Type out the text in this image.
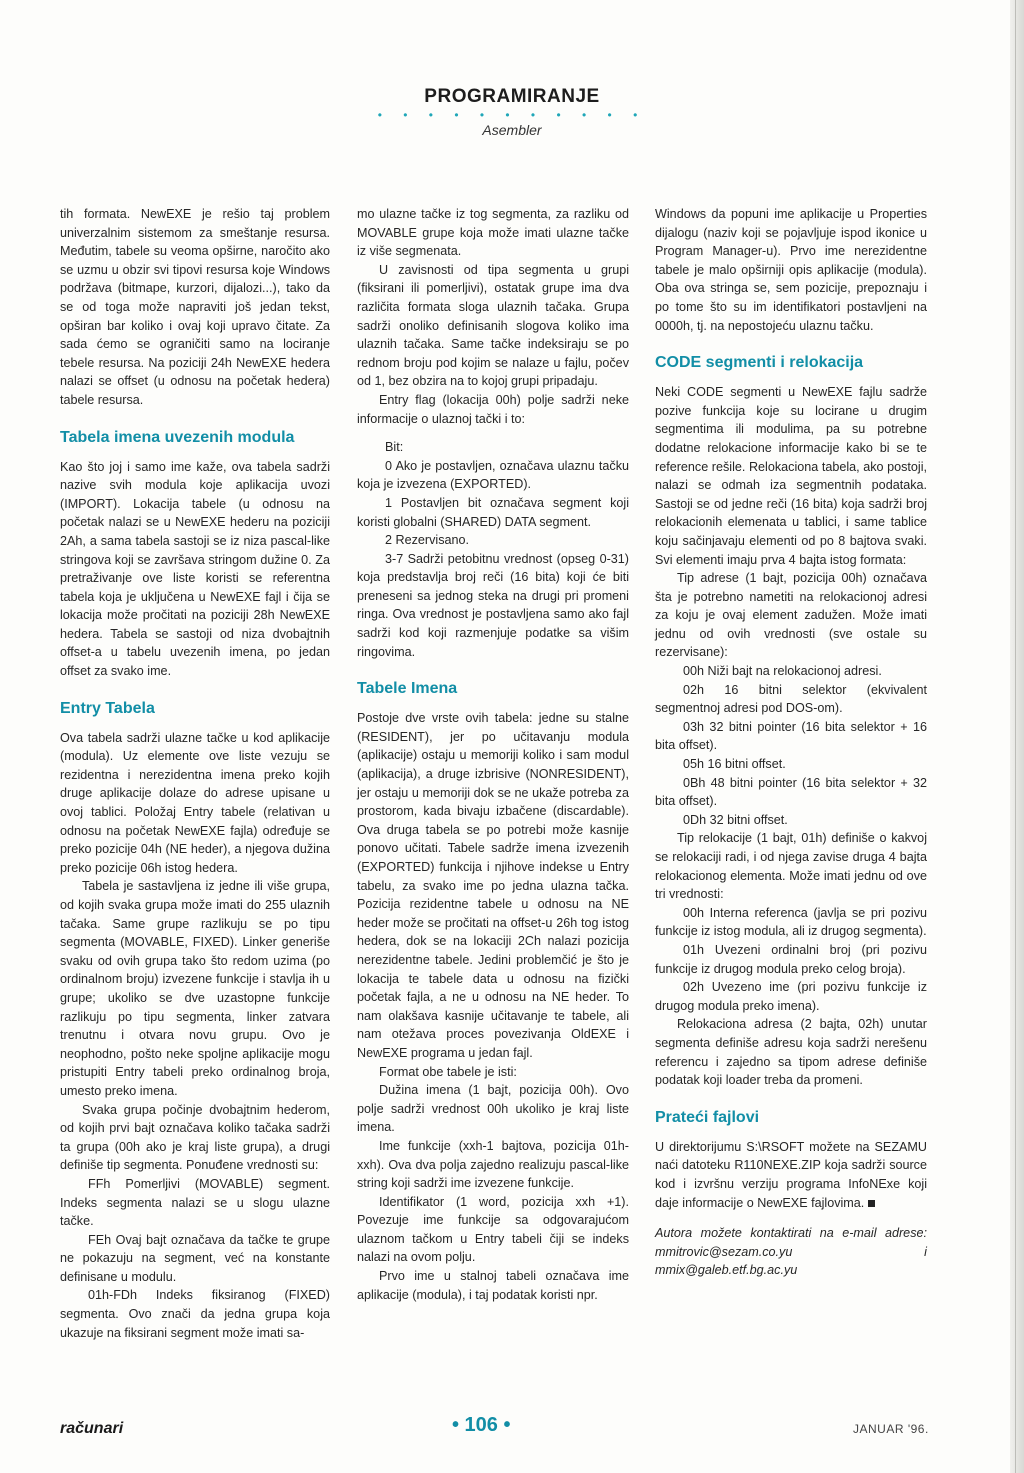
PROGRAMIRANJE
• • • • • • • • • • •
Asembler

tih formata. NewEXE je rešio taj problem univerzalnim sistemom za smeštanje resursa. Međutim, tabele su veoma opširne, naročito ako se uzmu u obzir svi tipovi resursa koje Windows podržava (bitmape, kurzori, dijalozi...), tako da se od toga može napraviti još jedan tekst, opširan bar koliko i ovaj koji upravo čitate. Za sada ćemo se ograničiti samo na lociranje tebele resursa. Na poziciji 24h NewEXE hedera nalazi se offset (u odnosu na početak hedera) tabele resursa.

Tabela imena uvezenih modula

Kao što joj i samo ime kaže, ova tabela sadrži nazive svih modula koje aplikacija uvozi (IMPORT). Lokacija tabele (u odnosu na početak nalazi se u NewEXE hederu na poziciji 2Ah, a sama tabela sastoji se iz niza pascal-like stringova koji se završava stringom dužine 0. Za pretraživanje ove liste koristi se referentna tabela koja je uključena u NewEXE fajl i čija se lokacija može pročitati na poziciji 28h NewEXE hedera. Tabela se sastoji od niza dvobajtnih offset-a u tabelu uvezenih imena, po jedan offset za svako ime.

Entry Tabela

Ova tabela sadrži ulazne tačke u kod aplikacije (modula). Uz elemente ove liste vezuju se rezidentna i nerezidentna imena preko kojih druge aplikacije dolaze do adrese upisane u ovoj tablici. Položaj Entry tabele (relativan u odnosu na početak NewEXE fajla) određuje se preko pozicije 04h (NE heder), a njegova dužina preko pozicije 06h istog hedera.

Tabela je sastavljena iz jedne ili više grupa, od kojih svaka grupa može imati do 255 ulaznih tačaka. Same grupe razlikuju se po tipu segmenta (MOVABLE, FIXED). Linker generiše svaku od ovih grupa tako što redom uzima (po ordinalnom broju) izvezene funkcije i stavlja ih u grupe; ukoliko se dve uzastopne funkcije razlikuju po tipu segmenta, linker zatvara trenutnu i otvara novu grupu. Ovo je neophodno, pošto neke spoljne aplikacije mogu pristupiti Entry tabeli preko ordinalnog broja, umesto preko imena.

Svaka grupa počinje dvobajtnim hederom, od kojih prvi bajt označava koliko tačaka sadrži ta grupa (00h ako je kraj liste grupa), a drugi definiše tip segmenta. Ponuđene vrednosti su:

FFh Pomerljivi (MOVABLE) segment. Indeks segmenta nalazi se u slogu ulazne tačke.

FEh Ovaj bajt označava da tačke te grupe ne pokazuju na segment, već na konstante definisane u modulu.

01h-FDh Indeks fiksiranog (FIXED) segmenta. Ovo znači da jedna grupa koja ukazuje na fiksirani segment može imati sa-

mo ulazne tačke iz tog segmenta, za razliku od MOVABLE grupe koja može imati ulazne tačke iz više segmenata.

U zavisnosti od tipa segmenta u grupi (fiksirani ili pomerljivi), ostatak grupe ima dva različita formata sloga ulaznih tačaka. Grupa sadrži onoliko definisanih slogova koliko ima ulaznih tačaka. Same tačke indeksiraju se po rednom broju pod kojim se nalaze u fajlu, počev od 1, bez obzira na to kojoj grupi pripadaju.

Entry flag (lokacija 00h) polje sadrži neke informacije o ulaznoj tački i to:

Bit:

0 Ako je postavljen, označava ulaznu tačku koja je izvezena (EXPORTED).

1 Postavljen bit označava segment koji koristi globalni (SHARED) DATA segment.

2 Rezervisano.

3-7 Sadrži petobitnu vrednost (opseg 0-31) koja predstavlja broj reči (16 bita) koji će biti preneseni sa jednog steka na drugi pri promeni ringa. Ova vrednost je postavljena samo ako fajl sadrži kod koji razmenjuje podatke sa višim ringovima.

Tabele Imena

Postoje dve vrste ovih tabela: jedne su stalne (RESIDENT), jer po učitavanju modula (aplikacije) ostaju u memoriji koliko i sam modul (aplikacija), a druge izbrisive (NONRESIDENT), jer ostaju u memoriji dok se ne ukaže potreba za prostorom, kada bivaju izbačene (discardable). Ova druga tabela se po potrebi može kasnije ponovo učitati. Tabele sadrže imena izvezenih (EXPORTED) funkcija i njihove indekse u Entry tabelu, za svako ime po jedna ulazna tačka. Pozicija rezidentne tabele u odnosu na NE heder može se pročitati na offset-u 26h tog istog hedera, dok se na lokaciji 2Ch nalazi pozicija nerezidentne tabele. Jedini problemčić je što je lokacija te tabele data u odnosu na fizički početak fajla, a ne u odnosu na NE heder. To nam olakšava kasnije učitavanje te tabele, ali nam otežava proces povezivanja OldEXE i NewEXE programa u jedan fajl.

Format obe tabele je isti:

Dužina imena (1 bajt, pozicija 00h). Ovo polje sadrži vrednost 00h ukoliko je kraj liste imena.

Ime funkcije (xxh-1 bajtova, pozicija 01h-xxh). Ova dva polja zajedno realizuju pascal-like string koji sadrži ime izvezene funkcije.

Identifikator (1 word, pozicija xxh +1). Povezuje ime funkcije sa odgovarajućom ulaznom tačkom u Entry tabeli čiji se indeks nalazi na ovom polju.

Prvo ime u stalnoj tabeli označava ime aplikacije (modula), i taj podatak koristi npr.

Windows da popuni ime aplikacije u Properties dijalogu (naziv koji se pojavljuje ispod ikonice u Program Manager-u). Prvo ime nerezidentne tabele je malo opširniji opis aplikacije (modula). Oba ova stringa se, sem pozicije, prepoznaju i po tome što su im identifikatori postavljeni na 0000h, tj. na nepostojeću ulaznu tačku.

CODE segmenti i relokacija

Neki CODE segmenti u NewEXE fajlu sadrže pozive funkcija koje su locirane u drugim segmentima ili modulima, pa su potrebne dodatne relokacione informacije kako bi se te reference rešile. Relokaciona tabela, ako postoji, nalazi se odmah iza segmentnih podataka. Sastoji se od jedne reči (16 bita) koja sadrži broj relokacionih elemenata u tablici, i same tablice koju sačinjavaju elementi od po 8 bajtova svaki. Svi elementi imaju prva 4 bajta istog formata:

Tip adrese (1 bajt, pozicija 00h) označava šta je potrebno nametiti na relokacionoj adresi za koju je ovaj element zadužen. Može imati jednu od ovih vrednosti (sve ostale su rezervisane):

00h Niži bajt na relokacionoj adresi.

02h 16 bitni selektor (ekvivalent segmentnoj adresi pod DOS-om).

03h 32 bitni pointer (16 bita selektor + 16 bita offset).

05h 16 bitni offset.

0Bh 48 bitni pointer (16 bita selektor + 32 bita offset).

0Dh 32 bitni offset.

Tip relokacije (1 bajt, 01h) definiše o kakvoj se relokaciji radi, i od njega zavise druga 4 bajta relokacionog elementa. Može imati jednu od ove tri vrednosti:

00h Interna referenca (javlja se pri pozivu funkcije iz istog modula, ali iz drugog segmenta).

01h Uvezeni ordinalni broj (pri pozivu funkcije iz drugog modula preko celog broja).

02h Uvezeno ime (pri pozivu funkcije iz drugog modula preko imena).

Relokaciona adresa (2 bajta, 02h) unutar segmenta definiše adresu koja sadrži nerešenu referencu i zajedno sa tipom adrese definiše podatak koji loader treba da promeni.

Prateći fajlovi

U direktorijumu S:\RSOFT možete na SEZAMU naći datoteku R110NEXE.ZIP koja sadrži source kod i izvršnu verziju programa InfoNExe koji daje informacije o NewEXE fajlovima.

Autora možete kontaktirati na e-mail adrese: mmitrovic@sezam.co.yu i mmix@galeb.etf.bg.ac.yu

računari	• 106 •	JANUAR '96.
